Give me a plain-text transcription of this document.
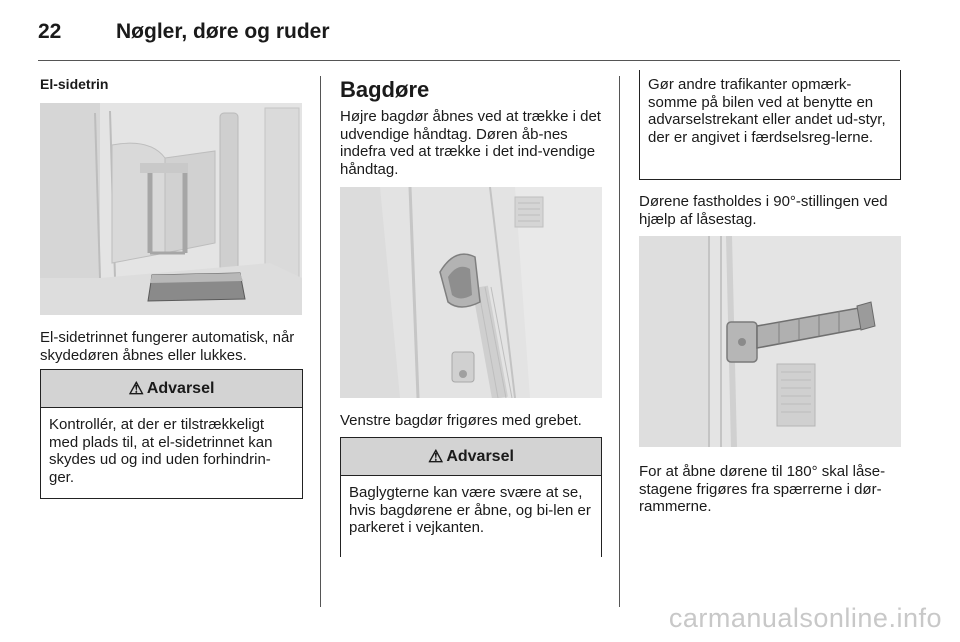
22	Nøgler, døre og ruder
El-sidetrin
El-sidetrinnet fungerer automatisk, når skydedøren åbnes eller lukkes.
⚠ Advarsel
Kontrollér, at der er tilstrækkeligt med plads til, at el-sidetrinnet kan skydes ud og ind uden forhindrin-ger.
Bagdøre
Højre bagdør åbnes ved at trække i det udvendige håndtag. Døren åb-nes indefra ved at trække i det ind-vendige håndtag.
Venstre bagdør frigøres med grebet.
⚠ Advarsel
Baglygterne kan være svære at se, hvis bagdørene er åbne, og bi-len er parkeret i vejkanten.
Gør andre trafikanter opmærk-somme på bilen ved at benytte en advarselstrekant eller andet ud-styr, der er angivet i færdselsreg-lerne.
Dørene fastholdes i 90°-stillingen ved hjælp af låsestag.
For at åbne dørene til 180° skal låse-stagene frigøres fra spærrerne i dør-rammerne.
carmanualsonline.info
